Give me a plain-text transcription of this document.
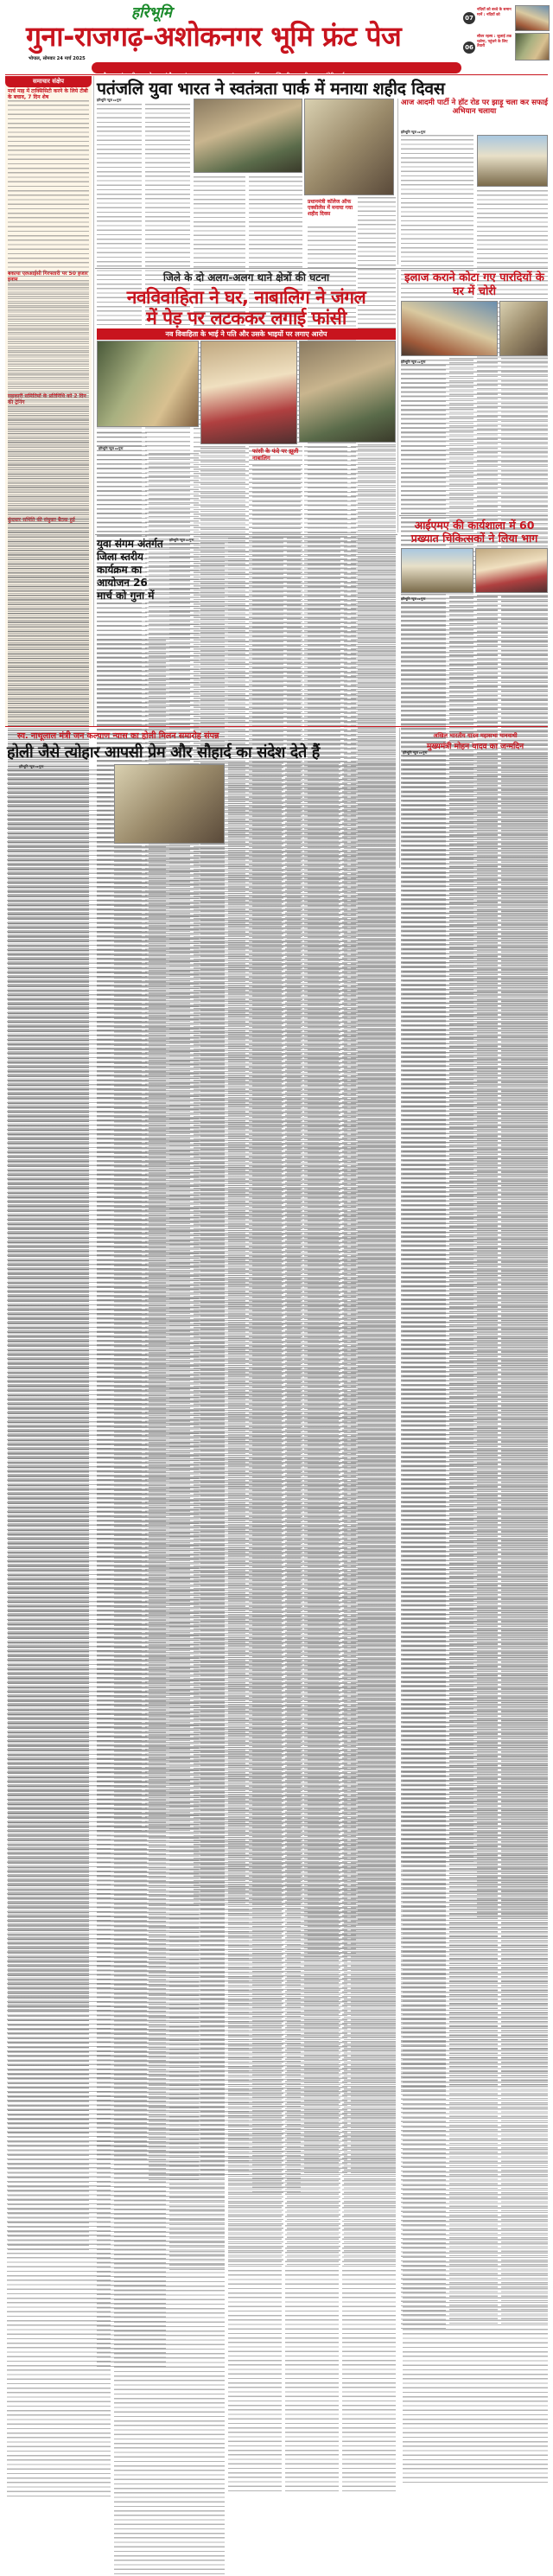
हरिभूमि
गुना-राजगढ़-अशोकनगर भूमि फ्रंट पेज
भोपाल, सोमवार 24 मार्च 2025
07
नदियों को बच्चे के समान मानें : नदियों को
06
सीवर रहस्य : जुलाई तक चलेगा, पहुंचने के लिए तैयारी
राघौगढ़ मुंगावली आरोन चांचौड़ा कुंभराज ब्यावरा सारंगपुर नरसिंहगढ़ खिलचीपुर जीरापुर चंदेरी ईसागढ़
समाचार संक्षेप
मार्च माह में टाक्सिसिटी करने के लिये टीबी के बचाव, 7 दिन शेष
बकाया एलआईसी गिरफ्तारी पर 50 हजार इनाम
सहकारी समितियों के प्रतिनिधि को 2 दिन की ट्रेनिंग
कुंदवार समिति की संयुक्त बैठक हुई
पतंजलि युवा भारत ने स्वतंत्रता पार्क में मनाया शहीद दिवस
हरिभूमि न्यूज ▸▸गुना
प्रधानमंत्री कॉलेज ऑफ एक्सीलेंस में मनाया गया शहीद दिवस
आज आदमी पार्टी ने हॉट रोड पर झाड़ू चला कर सफाई अभियान चलाया
हरिभूमि न्यूज ▸▸गुना
जिले के दो अलग-अलग थाने क्षेत्रों की घटना
नवविवाहिता ने घर, नाबालिग ने जंगल
में पेड़ पर लटककर लगाई फांसी
नव विवाहिता के भाई ने पति और उसके भाइयों पर लगाए आरोप
हरिभूमि न्यूज ▸▸गुना	फांसी के फंदे पर झूली नाबालिग
इलाज कराने कोटा गए पारदियों के घर में चोरी
हरिभूमि न्यूज ▸▸गुना
आईएमए की कार्यशाला में 60 प्रख्यात चिकित्सकों ने लिया भाग
हरिभूमि न्यूज ▸▸गुना
युवा संगम अंतर्गत जिला स्तरीय कार्यक्रम का आयोजन 26 मार्च को गुना में
हरिभूमि न्यूज ▸▸गुना
स्व. नाथूलाल मंत्री जन कल्याण न्यास का होली मिलन समारोह संपन्न
होली जैसे त्योहार आपसी प्रेम और सौहार्द का संदेश देते हैं
हरिभूमि न्यूज ▸▸गुना
अखिल भारतीय यादव महासभा मानवाधी
मुख्यमंत्री मोहन यादव का जन्मदिन
हरिभूमि न्यूज ▸▸गुना
